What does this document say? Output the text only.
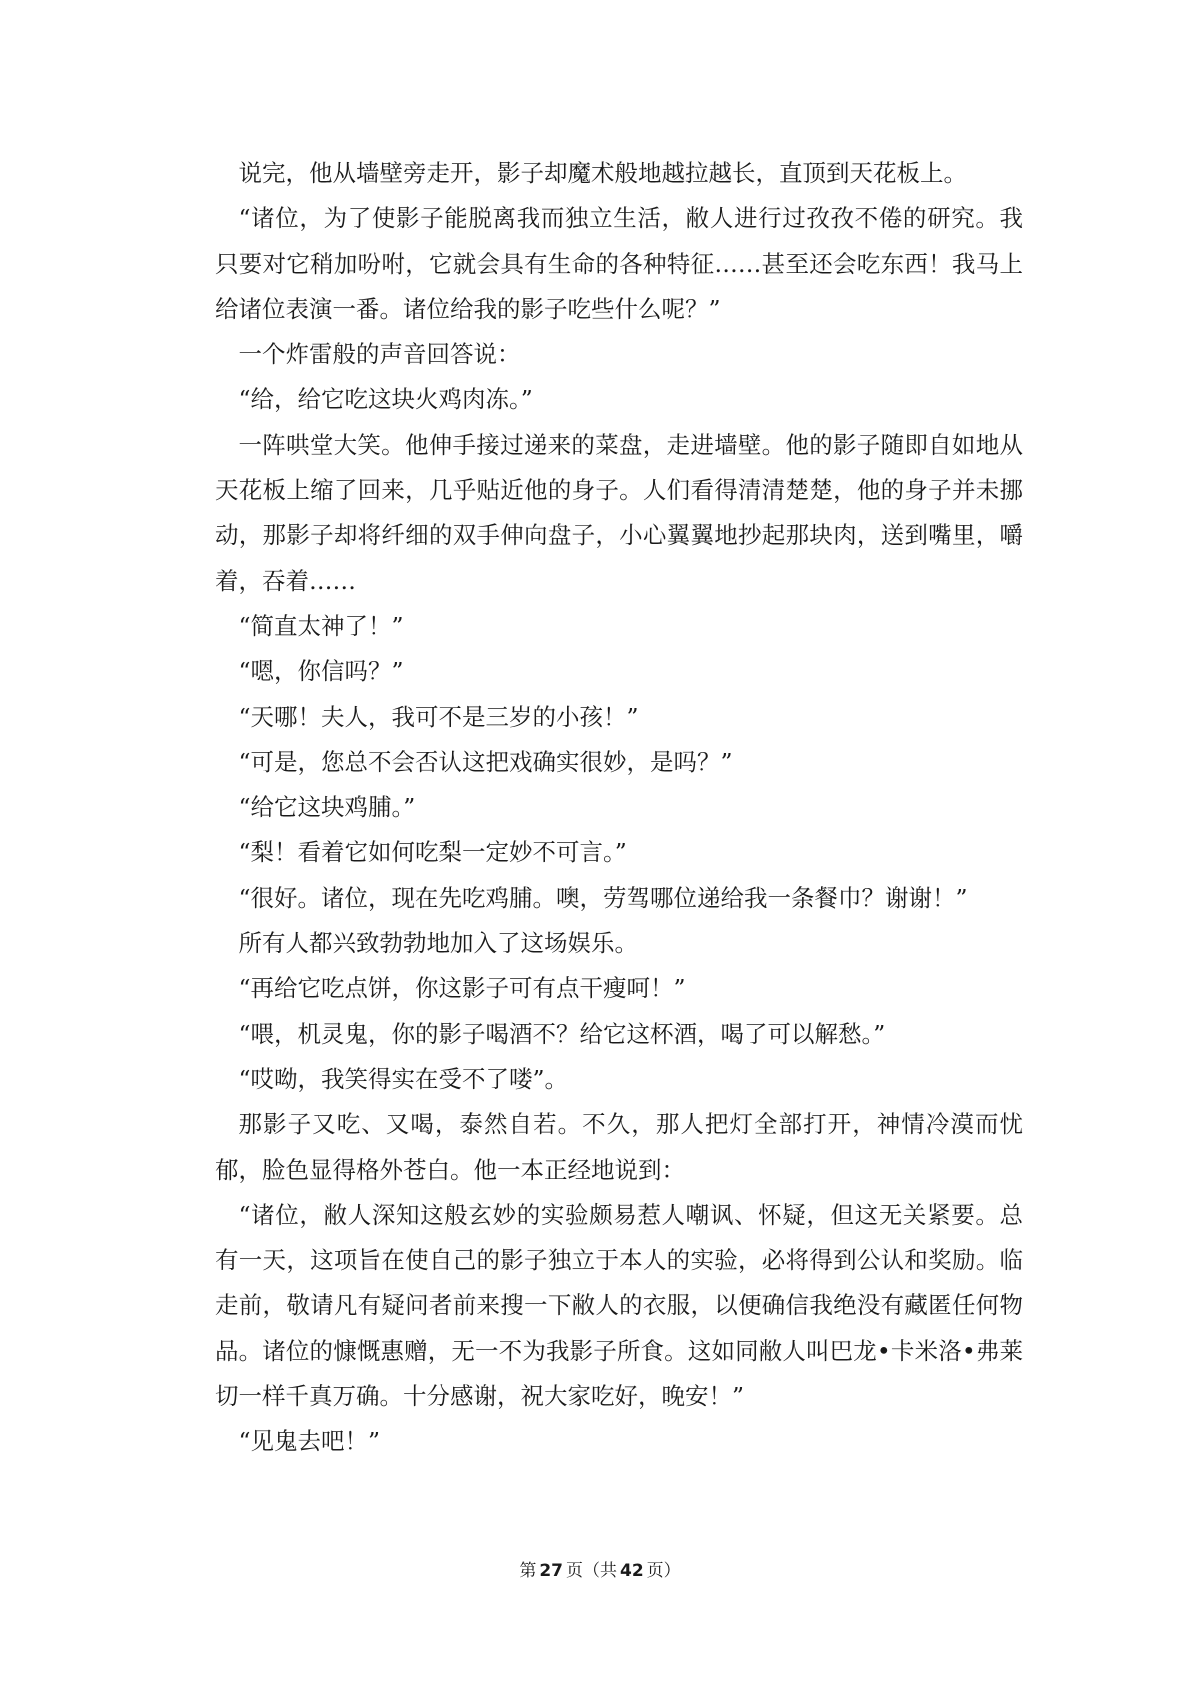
说完，他从墙壁旁走开，影子却魔术般地越拉越长，直顶到天花板上。

“诸位，为了使影子能脱离我而独立生活，敝人进行过孜孜不倦的研究。我只要对它稍加吩咐，它就会具有生命的各种特征……甚至还会吃东西！我马上给诸位表演一番。诸位给我的影子吃些什么呢？”

一个炸雷般的声音回答说：

“给，给它吃这块火鸡肉冻。”

一阵哄堂大笑。他伸手接过递来的菜盘，走进墙壁。他的影子随即自如地从天花板上缩了回来，几乎贴近他的身子。人们看得清清楚楚，他的身子并未挪动，那影子却将纤细的双手伸向盘子，小心翼翼地抄起那块肉，送到嘴里，嚼着，吞着……

“简直太神了！”

“嗯，你信吗？”

“天哪！夫人，我可不是三岁的小孩！”

“可是，您总不会否认这把戏确实很妙，是吗？”

“给它这块鸡脯。”

“梨！看着它如何吃梨一定妙不可言。”

“很好。诸位，现在先吃鸡脯。噢，劳驾哪位递给我一条餐巾？谢谢！”

所有人都兴致勃勃地加入了这场娱乐。

“再给它吃点饼，你这影子可有点干瘦呵！”

“喂，机灵鬼，你的影子喝酒不？给它这杯酒，喝了可以解愁。”

“哎呦，我笑得实在受不了喽”。

那影子又吃、又喝，泰然自若。不久，那人把灯全部打开，神情冷漠而忧郁，脸色显得格外苍白。他一本正经地说到：

“诸位，敝人深知这般玄妙的实验颇易惹人嘲讽、怀疑，但这无关紧要。总有一天，这项旨在使自己的影子独立于本人的实验，必将得到公认和奖励。临走前，敬请凡有疑问者前来搜一下敝人的衣服，以便确信我绝没有藏匿任何物品。诸位的慷慨惠赠，无一不为我影子所食。这如同敝人叫巴龙•卡米洛•弗莱切一样千真万确。十分感谢，祝大家吃好，晚安！”

“见鬼去吧！”

第 27 页（共 42 页）
